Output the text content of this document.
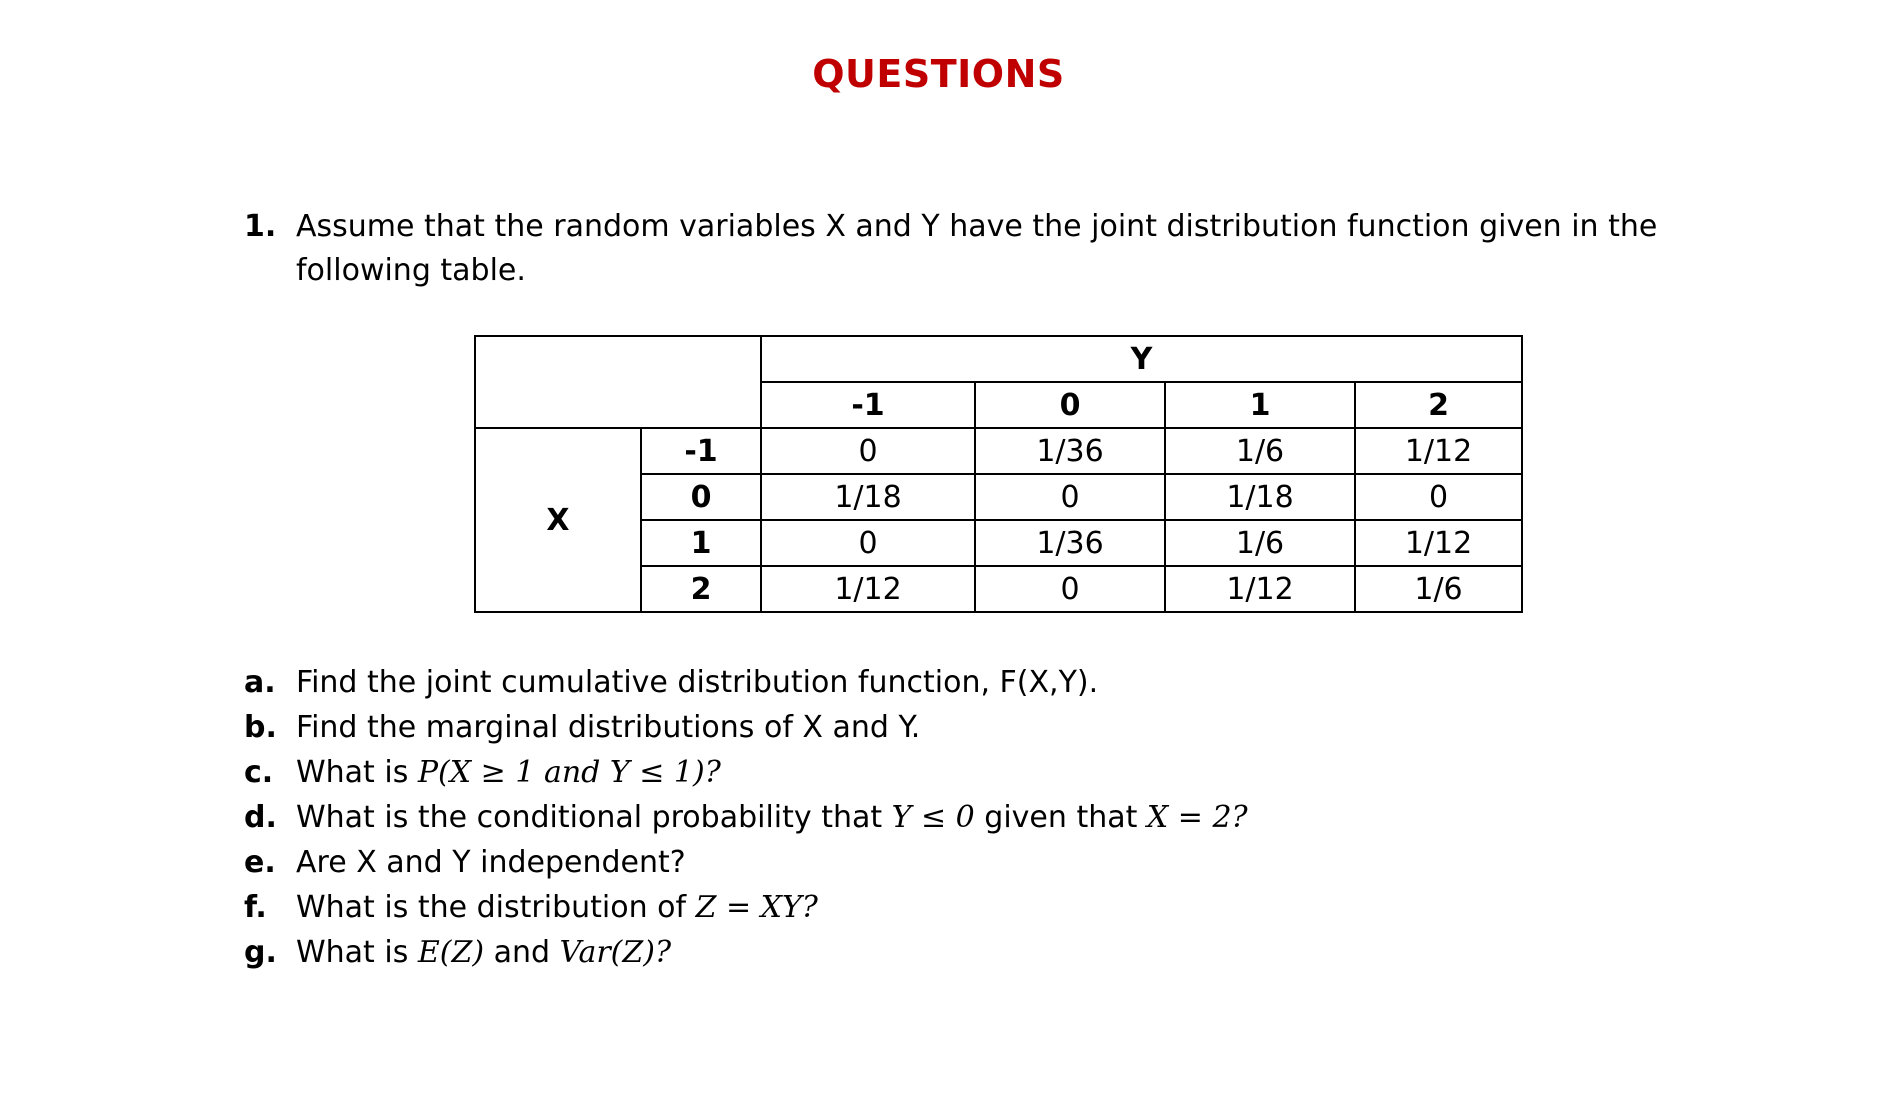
QUESTIONS
1. Assume that the random variables X and Y have the joint distribution function given in the following table.
		Y			
		-1	0	1	2
X	-1	0	1/36	1/6	1/12
	0	1/18	0	1/18	0
	1	0	1/36	1/6	1/12
	2	1/12	0	1/12	1/6
a. Find the joint cumulative distribution function, F(X,Y).
b. Find the marginal distributions of X and Y.
c. What is P(X ≥ 1 and Y ≤ 1)?
d. What is the conditional probability that Y ≤ 0 given that X = 2?
e. Are X and Y independent?
f. What is the distribution of Z = XY?
g. What is E(Z) and Var(Z)?
